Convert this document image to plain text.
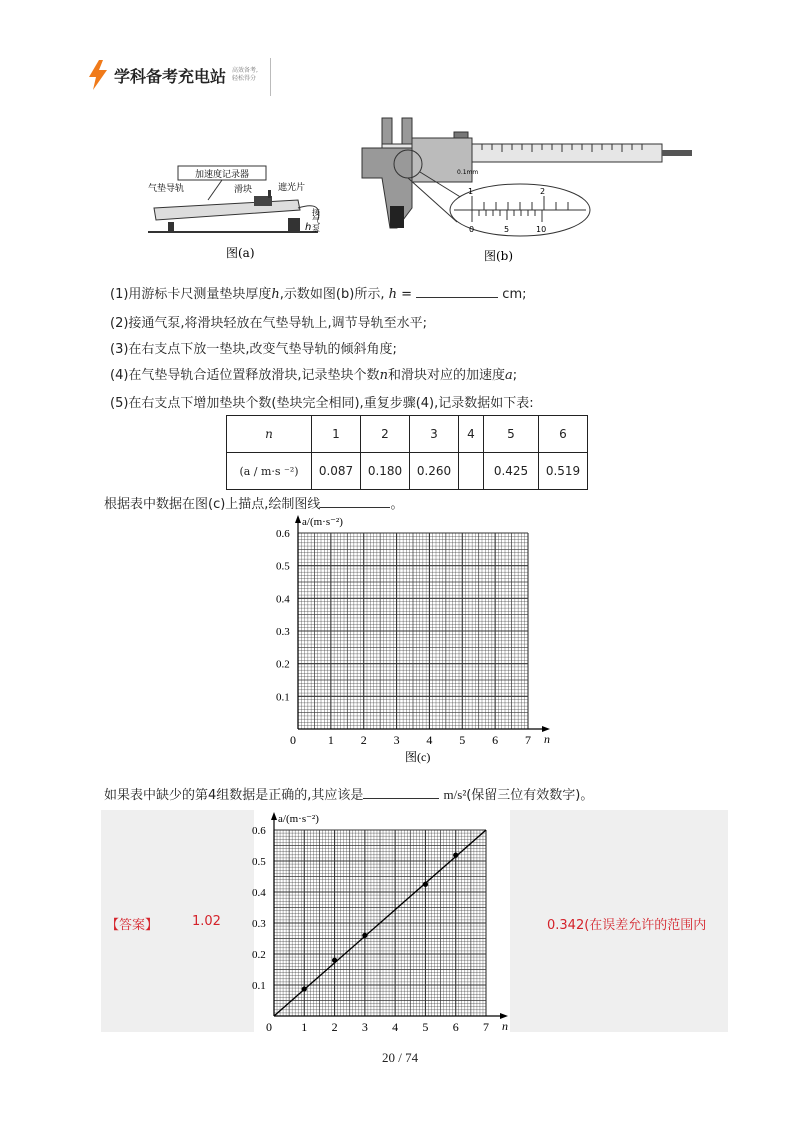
学科备考充电站 高效备考,
轻松得分
加速度记录器
气垫导轨	滑块	遮光片
h 接气泵
图(a)
0.1mm
1	2
0	5	10
图(b)
(1)用游标卡尺测量垫块厚度h,示数如图(b)所示, h =	cm;
(2)接通气泵,将滑块轻放在气垫导轨上,调节导轨至水平;
(3)在右支点下放一垫块,改变气垫导轨的倾斜角度;
(4)在气垫导轨合适位置释放滑块,记录垫块个数n和滑块对应的加速度a;
(5)在右支点下增加垫块个数(垫块完全相同),重复步骤(4),记录数据如下表:
n	1	2	3	4	5	6
(a / m·s ⁻²)	0.087	0.180	0.260		0.425	0.519
根据表中数据在图(c)上描点,绘制图线	。
0	1 2 3 4 5 6 7
0.1
0.2
0.3
0.4
0.5
0.6
n
a/(m·s⁻²)
图(c)
如果表中缺少的第4组数据是正确的,其应该是	m/s²(保留三位有效数字)。
【答案】	1.02	0.342(在误差允许的范围内
0 1 2 3 4 5 6 7
0.1
0.2
0.3
0.4
0.5
0.6
n
a/(m·s⁻²)
20 / 74
